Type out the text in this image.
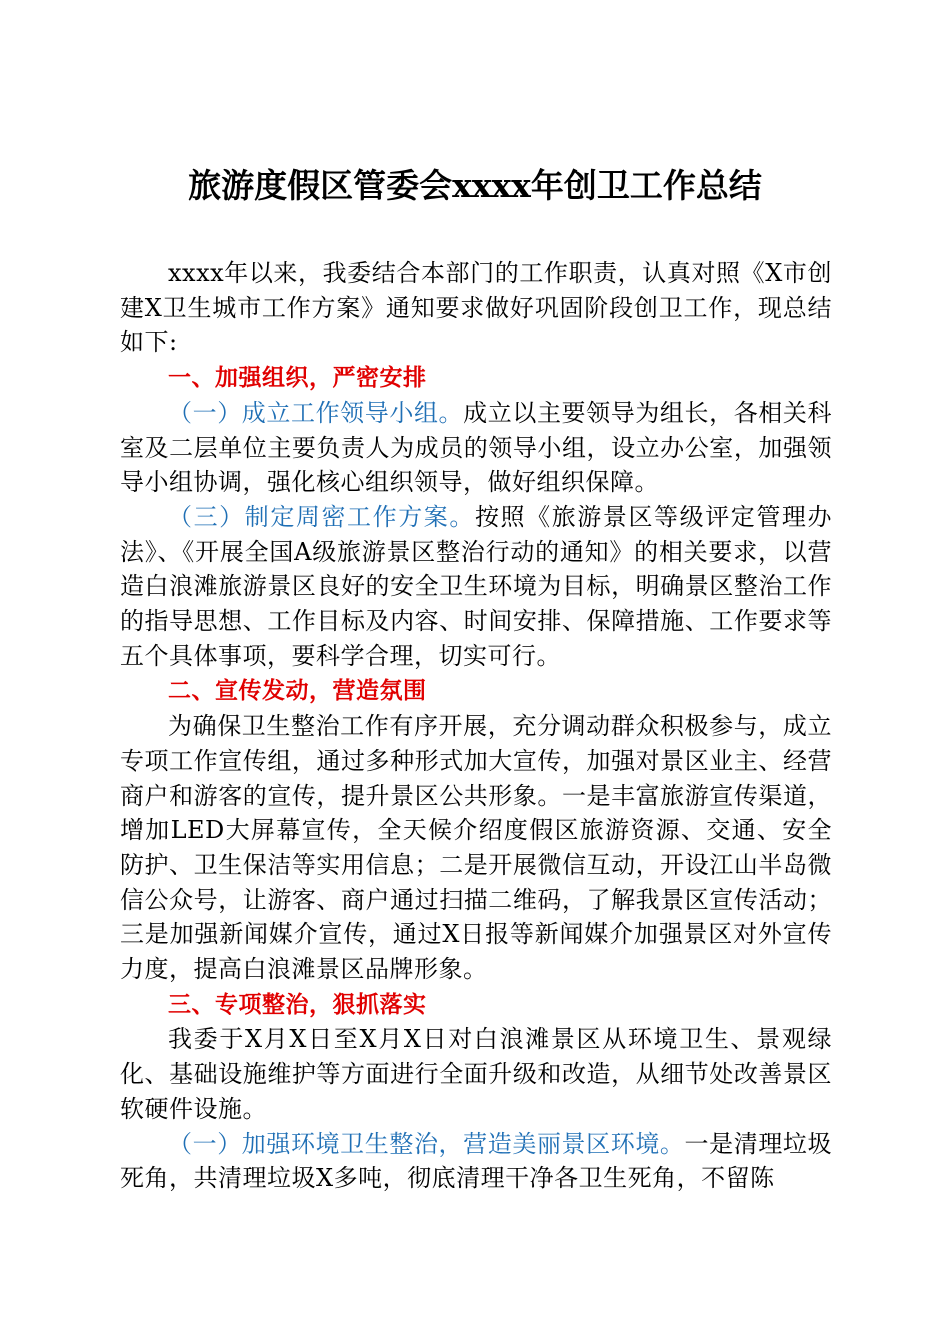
旅游度假区管委会xxxx年创卫工作总结

xxxx年以来，我委结合本部门的工作职责，认真对照《X市创建X卫生城市工作方案》通知要求做好巩固阶段创卫工作，现总结如下:

一、加强组织，严密安排

（一）成立工作领导小组。成立以主要领导为组长，各相关科室及二层单位主要负责人为成员的领导小组，设立办公室，加强领导小组协调，强化核心组织领导，做好组织保障。

（三）制定周密工作方案。按照《旅游景区等级评定管理办法》、《开展全国A级旅游景区整治行动的通知》的相关要求，以营造白浪滩旅游景区良好的安全卫生环境为目标，明确景区整治工作的指导思想、工作目标及内容、时间安排、保障措施、工作要求等五个具体事项，要科学合理，切实可行。

二、宣传发动，营造氛围

为确保卫生整治工作有序开展，充分调动群众积极参与，成立专项工作宣传组，通过多种形式加大宣传，加强对景区业主、经营商户和游客的宣传，提升景区公共形象。一是丰富旅游宣传渠道，增加LED大屏幕宣传，全天候介绍度假区旅游资源、交通、安全防护、卫生保洁等实用信息；二是开展微信互动，开设江山半岛微信公众号，让游客、商户通过扫描二维码，了解我景区宣传活动；三是加强新闻媒介宣传，通过X日报等新闻媒介加强景区对外宣传力度，提高白浪滩景区品牌形象。

三、专项整治，狠抓落实

我委于X月X日至X月X日对白浪滩景区从环境卫生、景观绿化、基础设施维护等方面进行全面升级和改造，从细节处改善景区软硬件设施。

（一）加强环境卫生整治，营造美丽景区环境。一是清理垃圾死角，共清理垃圾X多吨，彻底清理干净各卫生死角，不留陈
